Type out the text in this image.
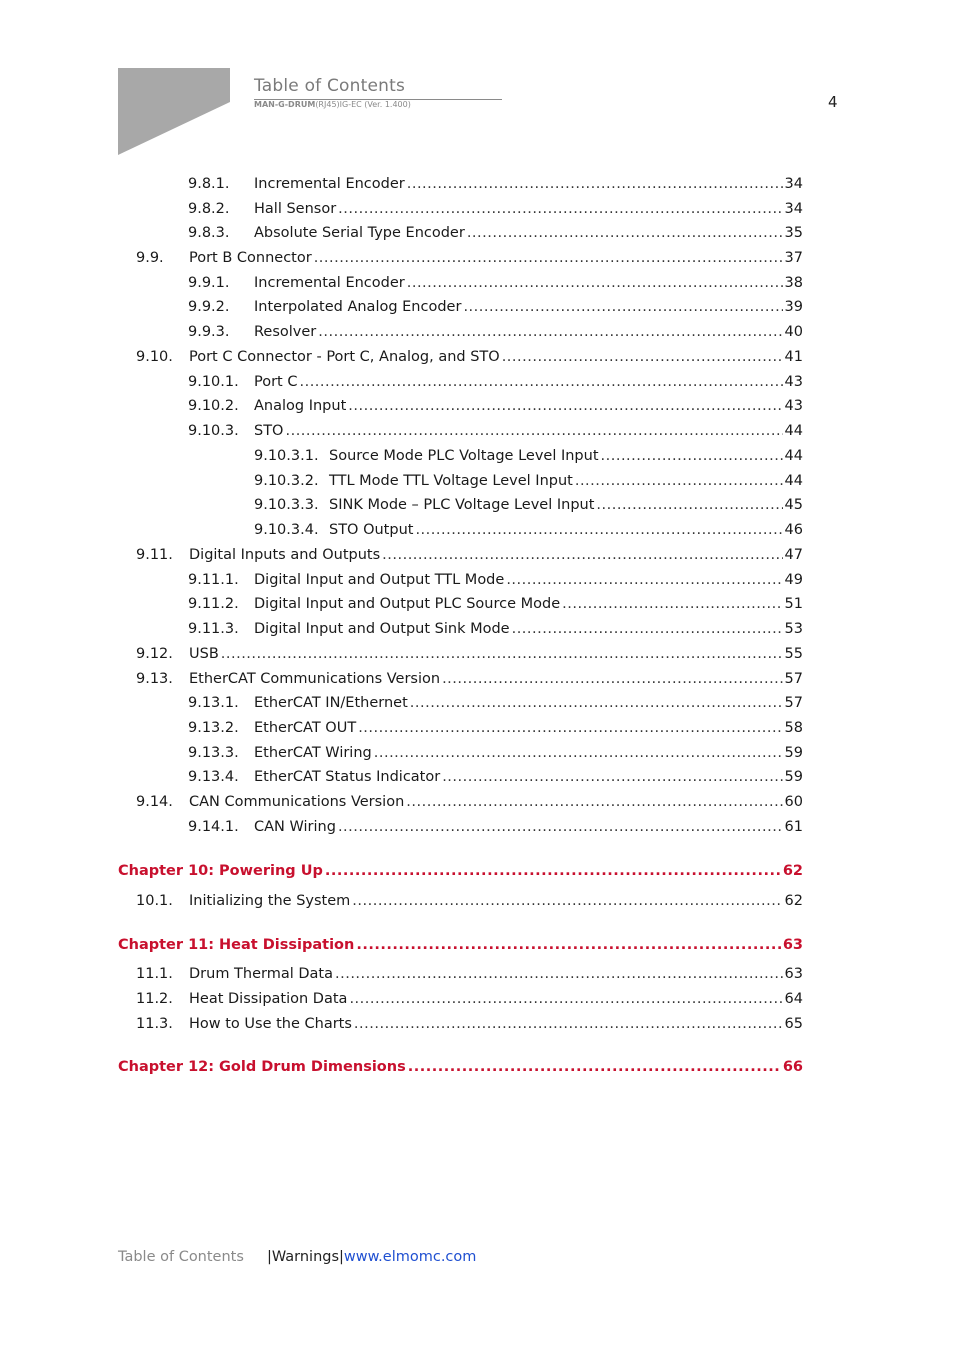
Table of Contents
MAN-G-DRUM(RJ45)IG-EC (Ver. 1.400)	4
9.8.1.	Incremental Encoder .....	34
9.8.2.	Hall Sensor .....	34
9.8.3.	Absolute Serial Type Encoder .....	35
9.9.	Port B Connector .....	37
9.9.1.	Incremental Encoder .....	38
9.9.2.	Interpolated Analog Encoder .....	39
9.9.3.	Resolver .....	40
9.10.	Port C Connector - Port C, Analog, and STO .....	41
9.10.1.	Port C .....	43
9.10.2.	Analog Input .....	43
9.10.3.	STO .....	44
9.10.3.1. Source Mode PLC Voltage Level Input .....	44
9.10.3.2. TTL Mode TTL Voltage Level Input .....	44
9.10.3.3. SINK Mode – PLC Voltage Level Input .....	45
9.10.3.4. STO Output .....	46
9.11.	Digital Inputs and Outputs .....	47
9.11.1.	Digital Input and Output TTL Mode .....	49
9.11.2.	Digital Input and Output PLC Source Mode .....	51
9.11.3.	Digital Input and Output Sink Mode .....	53
9.12.	USB .....	55
9.13.	EtherCAT Communications Version .....	57
9.13.1.	EtherCAT IN/Ethernet .....	57
9.13.2.	EtherCAT OUT .....	58
9.13.3.	EtherCAT Wiring .....	59
9.13.4.	EtherCAT Status Indicator .....	59
9.14.	CAN Communications Version .....	60
9.14.1.	CAN Wiring .....	61
Chapter 10: Powering Up .....	62
10.1.	Initializing the System .....	62
Chapter 11: Heat Dissipation .....	63
11.1.	Drum Thermal Data .....	63
11.2.	Heat Dissipation Data .....	64
11.3.	How to Use the Charts .....	65
Chapter 12: Gold Drum Dimensions .....	66
Table of Contents |Warnings|www.elmomc.com
